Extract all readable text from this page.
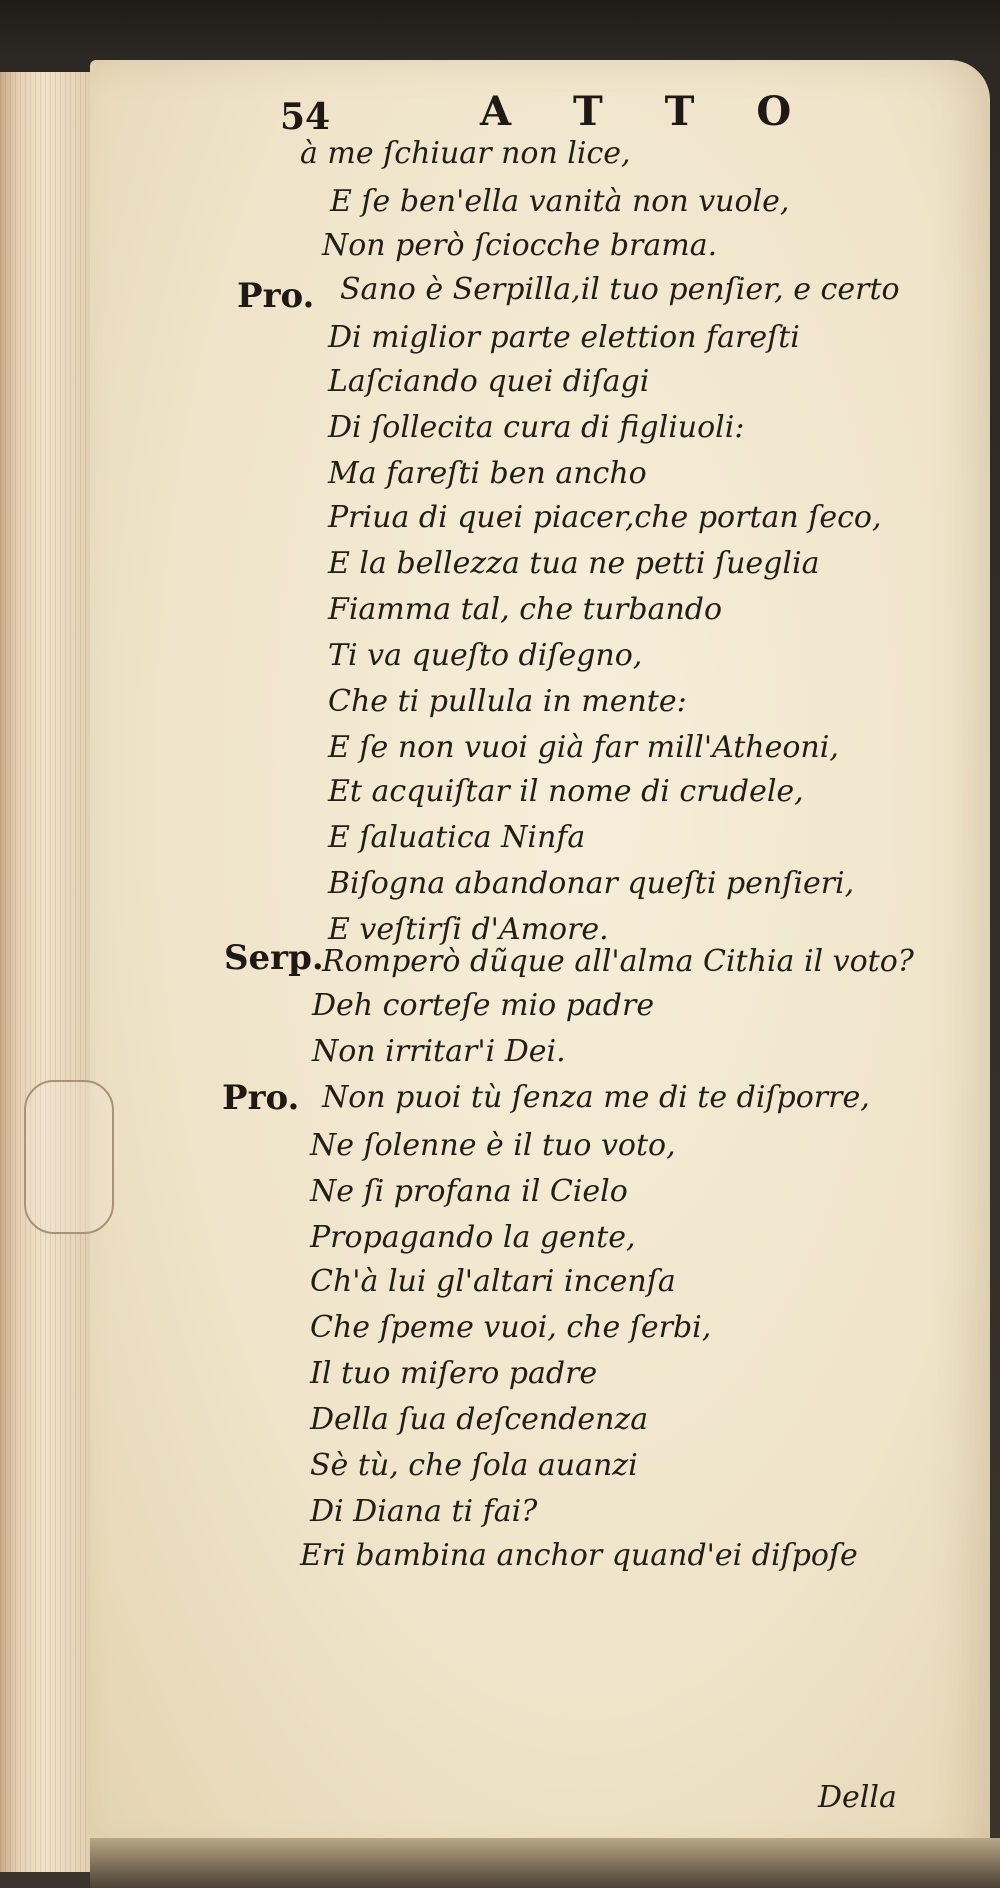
54	A T T O
Pro.
Serp.
Pro.
à me ſchiuar non lice,
E ſe ben'ella vanità non vuole,
Non però ſciocche brama.
Sano è Serpilla,il tuo penſier, e certo
Di miglior parte elettion fareſti
Laſciando quei diſagi
Di ſollecita cura di figliuoli:
Ma fareſti ben ancho
Priua di quei piacer,che portan ſeco,
E la bellezza tua ne petti ſueglia
Fiamma tal, che turbando
Ti va queſto diſegno,
Che ti pullula in mente:
E ſe non vuoi già far mill'Atheoni,
Et acquiſtar il nome di crudele,
E ſaluatica Ninfa
Biſogna abandonar queſti penſieri,
E veſtirſi d'Amore.
Romperò dũque all'alma Cithia il voto?
Deh corteſe mio padre
Non irritar'i Dei.
Non puoi tù ſenza me di te diſporre,
Ne ſolenne è il tuo voto,
Ne ſi profana il Cielo
Propagando la gente,
Ch'à lui gl'altari incenſa
Che ſpeme vuoi, che ſerbi,
Il tuo miſero padre
Della ſua deſcendenza
Sè tù, che ſola auanzi
Di Diana ti fai?
Eri bambina anchor quand'ei diſpoſe
Della
